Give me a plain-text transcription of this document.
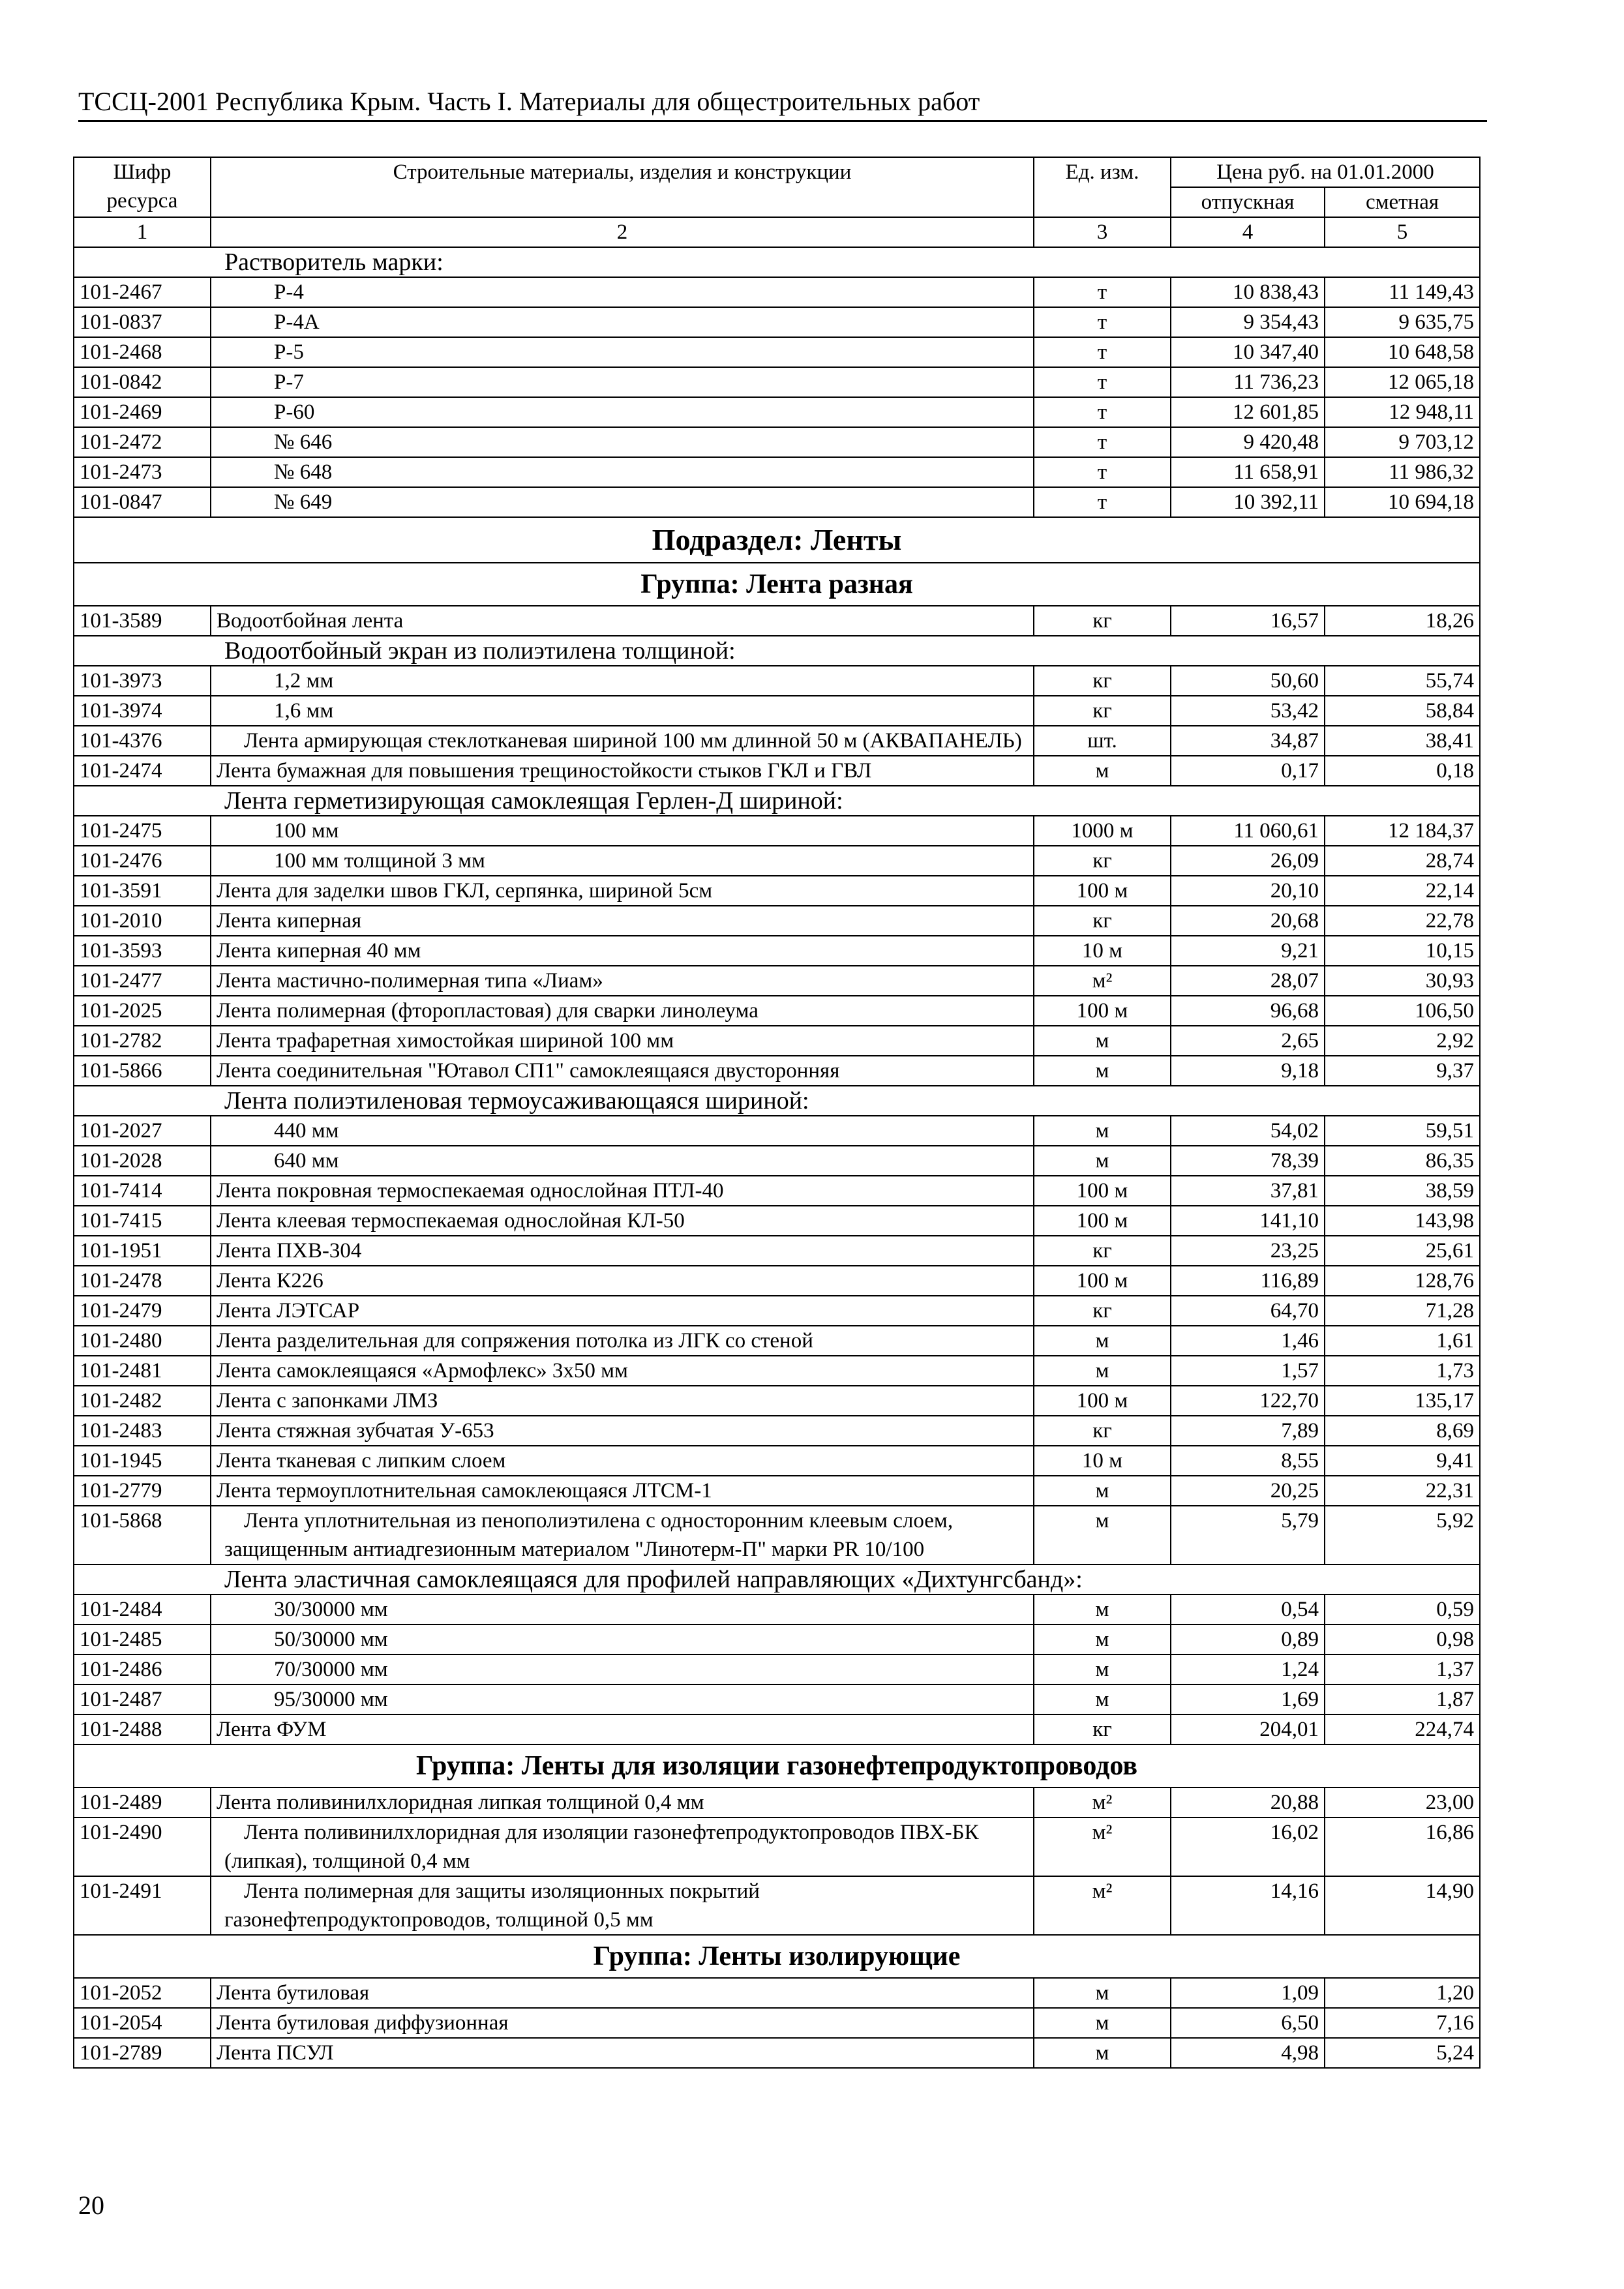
ТССЦ-2001 Республика Крым. Часть I. Материалы для общестроительных работ
Шифр ресурса	Строительные материалы, изделия и конструкции	Ед. изм.	Цена руб. на 01.01.2000	
			отпускная	сметная
1	2	3	4	5
Растворитель марки:				
101-2467	Р-4	т	10 838,43	11 149,43
101-0837	Р-4А	т	9 354,43	9 635,75
101-2468	Р-5	т	10 347,40	10 648,58
101-0842	Р-7	т	11 736,23	12 065,18
101-2469	Р-60	т	12 601,85	12 948,11
101-2472	№ 646	т	9 420,48	9 703,12
101-2473	№ 648	т	11 658,91	11 986,32
101-0847	№ 649	т	10 392,11	10 694,18
Подраздел: Ленты				
Группа: Лента разная				
101-3589	Водоотбойная лента	кг	16,57	18,26
Водоотбойный экран из полиэтилена толщиной:				
101-3973	1,2 мм	кг	50,60	55,74
101-3974	1,6 мм	кг	53,42	58,84
101-4376	Лента армирующая стеклотканевая шириной 100 мм длинной 50 м (АКВАПАНЕЛЬ)	шт.	34,87	38,41
101-2474	Лента бумажная для повышения трещиностойкости стыков ГКЛ и ГВЛ	м	0,17	0,18
Лента герметизирующая самоклеящая Герлен-Д шириной:				
101-2475	100 мм	1000 м	11 060,61	12 184,37
101-2476	100 мм толщиной 3 мм	кг	26,09	28,74
101-3591	Лента для заделки швов ГКЛ, серпянка, шириной 5см	100 м	20,10	22,14
101-2010	Лента киперная	кг	20,68	22,78
101-3593	Лента киперная 40 мм	10 м	9,21	10,15
101-2477	Лента мастично-полимерная типа «Лиам»	м²	28,07	30,93
101-2025	Лента полимерная (фторопластовая) для сварки линолеума	100 м	96,68	106,50
101-2782	Лента трафаретная химостойкая шириной 100 мм	м	2,65	2,92
101-5866	Лента соединительная "Ютавол СП1" самоклеящаяся двусторонняя	м	9,18	9,37
Лента полиэтиленовая термоусаживающаяся шириной:				
101-2027	440 мм	м	54,02	59,51
101-2028	640 мм	м	78,39	86,35
101-7414	Лента покровная термоспекаемая однослойная ПТЛ-40	100 м	37,81	38,59
101-7415	Лента клеевая термоспекаемая однослойная КЛ-50	100 м	141,10	143,98
101-1951	Лента ПХВ-304	кг	23,25	25,61
101-2478	Лента К226	100 м	116,89	128,76
101-2479	Лента ЛЭТСАР	кг	64,70	71,28
101-2480	Лента разделительная для сопряжения потолка из ЛГК со стеной	м	1,46	1,61
101-2481	Лента самоклеящаяся «Армофлекс» 3х50 мм	м	1,57	1,73
101-2482	Лента с запонками ЛМЗ	100 м	122,70	135,17
101-2483	Лента стяжная зубчатая У-653	кг	7,89	8,69
101-1945	Лента тканевая с липким слоем	10 м	8,55	9,41
101-2779	Лента термоуплотнительная самоклеющаяся ЛТСМ-1	м	20,25	22,31
101-5868	Лента уплотнительная из пенополиэтилена с односторонним клеевым слоем, защищенным антиадгезионным материалом "Линотерм-П" марки PR 10/100	м	5,79	5,92
Лента эластичная самоклеящаяся для профилей направляющих «Дихтунгсбанд»:				
101-2484	30/30000 мм	м	0,54	0,59
101-2485	50/30000 мм	м	0,89	0,98
101-2486	70/30000 мм	м	1,24	1,37
101-2487	95/30000 мм	м	1,69	1,87
101-2488	Лента ФУМ	кг	204,01	224,74
Группа: Ленты для изоляции газонефтепродуктопроводов				
101-2489	Лента поливинилхлоридная липкая толщиной 0,4 мм	м²	20,88	23,00
101-2490	Лента поливинилхлоридная для изоляции газонефтепродуктопроводов ПВХ-БК (липкая), толщиной 0,4 мм	м²	16,02	16,86
101-2491	Лента полимерная для защиты изоляционных покрытий газонефтепродуктопроводов, толщиной 0,5 мм	м²	14,16	14,90
Группа: Ленты изолирующие				
101-2052	Лента бутиловая	м	1,09	1,20
101-2054	Лента бутиловая диффузионная	м	6,50	7,16
101-2789	Лента ПСУЛ	м	4,98	5,24
20
